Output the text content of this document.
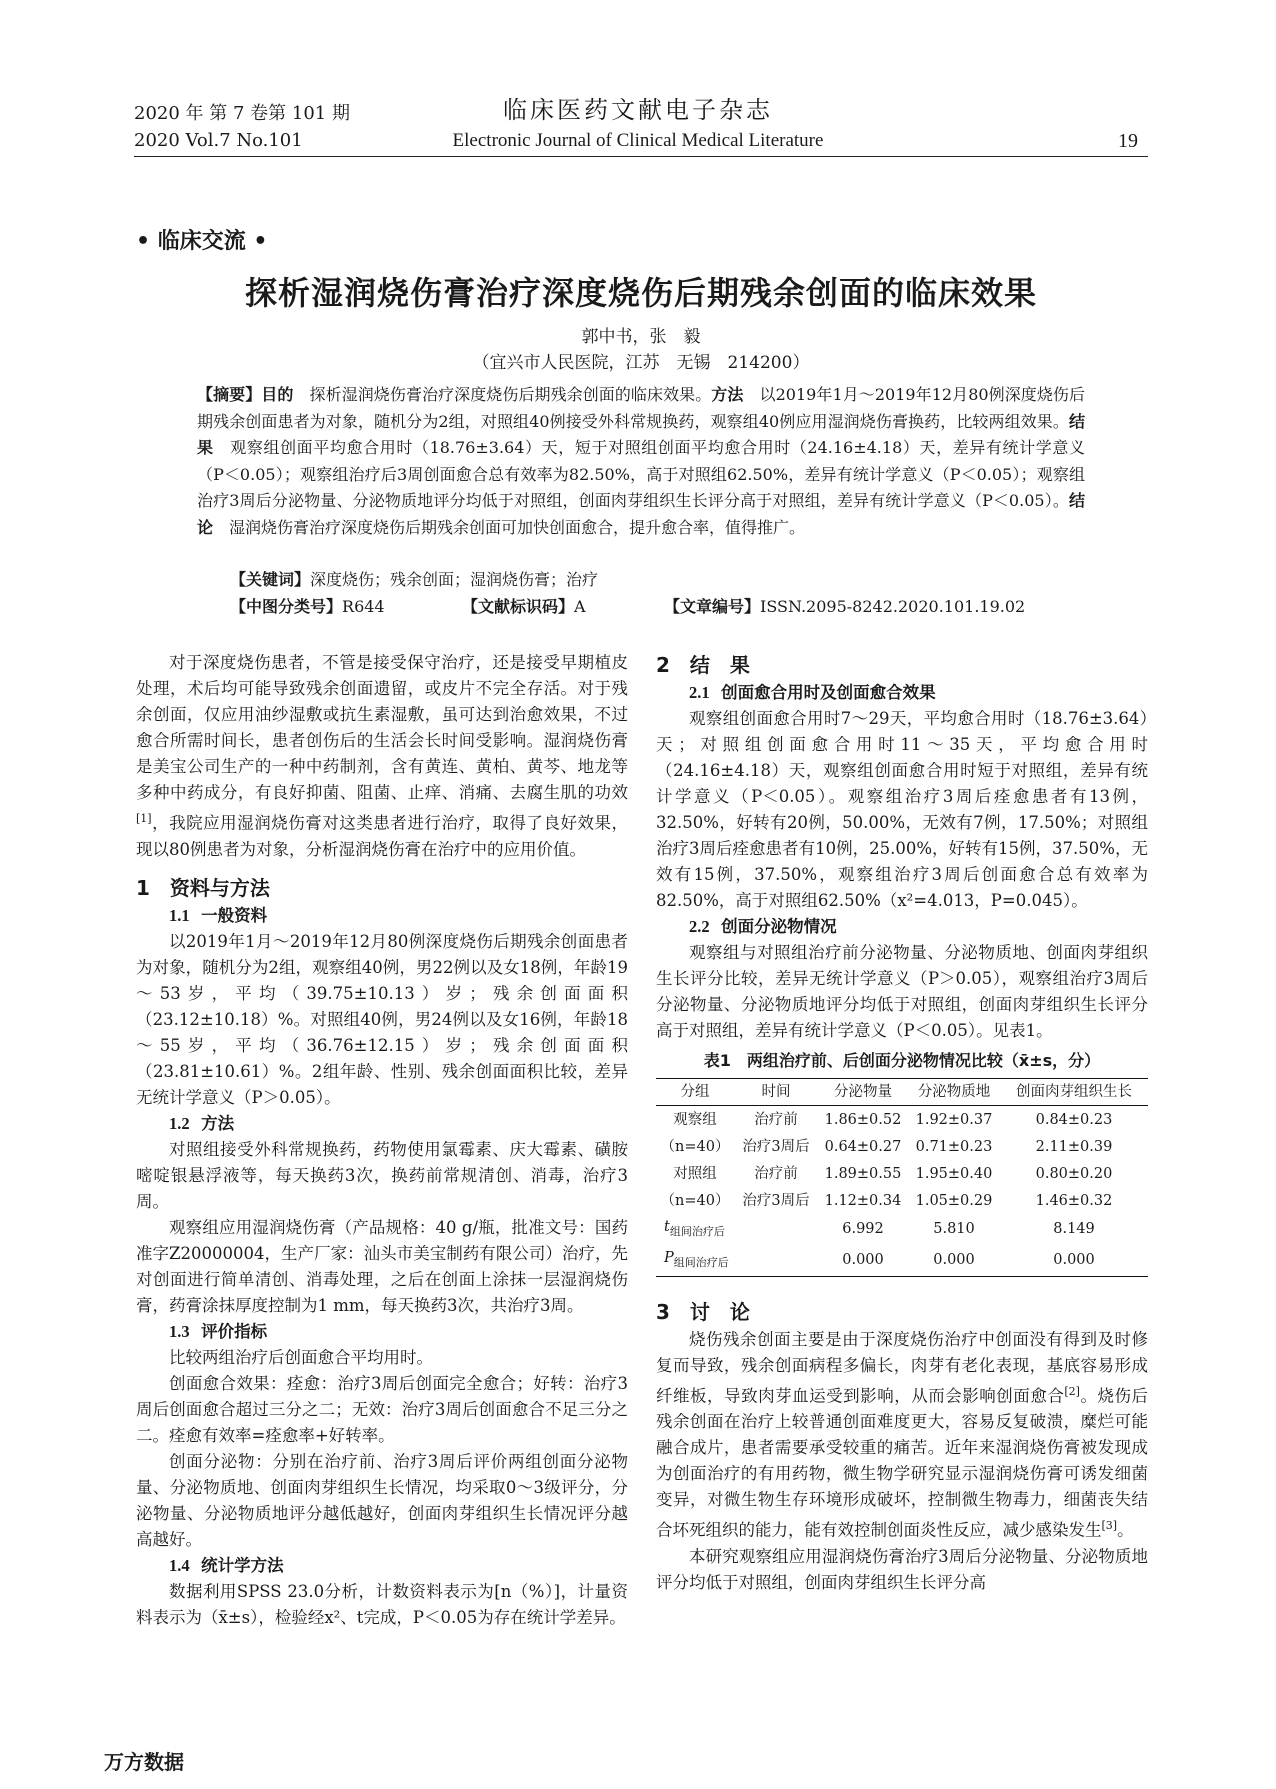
2020 年 第 7 卷第 101 期
2020 Vol.7 No.101
临床医药文献电子杂志
Electronic Journal of Clinical Medical Literature	19
• 临床交流 •
探析湿润烧伤膏治疗深度烧伤后期残余创面的临床效果
郭中书，张　毅
（宜兴市人民医院，江苏　无锡　214200）
【摘要】目的　探析湿润烧伤膏治疗深度烧伤后期残余创面的临床效果。方法　以2019年1月～2019年12月80例深度烧伤后期残余创面患者为对象，随机分为2组，对照组40例接受外科常规换药，观察组40例应用湿润烧伤膏换药，比较两组效果。结果　观察组创面平均愈合用时（18.76±3.64）天，短于对照组创面平均愈合用时（24.16±4.18）天，差异有统计学意义（P＜0.05）；观察组治疗后3周创面愈合总有效率为82.50%，高于对照组62.50%，差异有统计学意义（P＜0.05）；观察组治疗3周后分泌物量、分泌物质地评分均低于对照组，创面肉芽组织生长评分高于对照组，差异有统计学意义（P＜0.05）。结论　湿润烧伤膏治疗深度烧伤后期残余创面可加快创面愈合，提升愈合率，值得推广。
【关键词】深度烧伤；残余创面；湿润烧伤膏；治疗
【中图分类号】R644	【文献标识码】A	【文章编号】ISSN.2095-8242.2020.101.19.02

对于深度烧伤患者，不管是接受保守治疗，还是接受早期植皮处理，术后均可能导致残余创面遗留，或皮片不完全存活。对于残余创面，仅应用油纱湿敷或抗生素湿敷，虽可达到治愈效果，不过愈合所需时间长，患者创伤后的生活会长时间受影响。湿润烧伤膏是美宝公司生产的一种中药制剂，含有黄连、黄柏、黄芩、地龙等多种中药成分，有良好抑菌、阻菌、止痒、消痛、去腐生肌的功效[1]，我院应用湿润烧伤膏对这类患者进行治疗，取得了良好效果，现以80例患者为对象，分析湿润烧伤膏在治疗中的应用价值。

1　资料与方法
1.1 一般资料

以2019年1月～2019年12月80例深度烧伤后期残余创面患者为对象，随机分为2组，观察组40例，男22例以及女18例，年龄19～53岁，平均（39.75±10.13）岁；残余创面面积（23.12±10.18）%。对照组40例，男24例以及女16例，年龄18～55岁，平均（36.76±12.15）岁；残余创面面积（23.81±10.61）%。2组年龄、性别、残余创面面积比较，差异无统计学意义（P＞0.05）。

1.2 方法

对照组接受外科常规换药，药物使用氯霉素、庆大霉素、磺胺嘧啶银悬浮液等，每天换药3次，换药前常规清创、消毒，治疗3周。

观察组应用湿润烧伤膏（产品规格：40 g/瓶，批准文号：国药准字Z20000004，生产厂家：汕头市美宝制药有限公司）治疗，先对创面进行简单清创、消毒处理，之后在创面上涂抹一层湿润烧伤膏，药膏涂抹厚度控制为1 mm，每天换药3次，共治疗3周。

1.3 评价指标

比较两组治疗后创面愈合平均用时。

创面愈合效果：痊愈：治疗3周后创面完全愈合；好转：治疗3周后创面愈合超过三分之二；无效：治疗3周后创面愈合不足三分之二。痊愈有效率=痊愈率+好转率。

创面分泌物：分别在治疗前、治疗3周后评价两组创面分泌物量、分泌物质地、创面肉芽组织生长情况，均采取0～3级评分，分泌物量、分泌物质地评分越低越好，创面肉芽组织生长情况评分越高越好。

1.4 统计学方法

数据利用SPSS 23.0分析，计数资料表示为[n（%）]，计量资料表示为（x̄±s），检验经x²、t完成，P＜0.05为存在统计学差异。

2　结　果
2.1 创面愈合用时及创面愈合效果

观察组创面愈合用时7～29天，平均愈合用时（18.76±3.64）天；对照组创面愈合用时11～35天，平均愈合用时（24.16±4.18）天，观察组创面愈合用时短于对照组，差异有统计学意义（P＜0.05）。观察组治疗3周后痊愈患者有13例，32.50%，好转有20例，50.00%，无效有7例，17.50%；对照组治疗3周后痊愈患者有10例，25.00%，好转有15例，37.50%，无效有15例，37.50%，观察组治疗3周后创面愈合总有效率为82.50%，高于对照组62.50%（x²=4.013，P=0.045）。

2.2 创面分泌物情况

观察组与对照组治疗前分泌物量、分泌物质地、创面肉芽组织生长评分比较，差异无统计学意义（P＞0.05），观察组治疗3周后分泌物量、分泌物质地评分均低于对照组，创面肉芽组织生长评分高于对照组，差异有统计学意义（P＜0.05）。见表1。

表1　两组治疗前、后创面分泌物情况比较（x̄±s，分）
分组	时间	分泌物量	分泌物质地	创面肉芽组织生长
观察组	治疗前	1.86±0.52	1.92±0.37	0.84±0.23
（n=40）	治疗3周后	0.64±0.27	0.71±0.23	2.11±0.39
对照组	治疗前	1.89±0.55	1.95±0.40	0.80±0.20
（n=40）	治疗3周后	1.12±0.34	1.05±0.29	1.46±0.32
$t_{组间治疗后}$		6.992	5.810	8.149
$P_{组间治疗后}$		0.000	0.000	0.000
3　讨　论

烧伤残余创面主要是由于深度烧伤治疗中创面没有得到及时修复而导致，残余创面病程多偏长，肉芽有老化表现，基底容易形成纤维板，导致肉芽血运受到影响，从而会影响创面愈合[2]。烧伤后残余创面在治疗上较普通创面难度更大，容易反复破溃，糜烂可能融合成片，患者需要承受较重的痛苦。近年来湿润烧伤膏被发现成为创面治疗的有用药物，微生物学研究显示湿润烧伤膏可诱发细菌变异，对微生物生存环境形成破坏，控制微生物毒力，细菌丧失结合坏死组织的能力，能有效控制创面炎性反应，减少感染发生[3]。

本研究观察组应用湿润烧伤膏治疗3周后分泌物量、分泌物质地评分均低于对照组，创面肉芽组织生长评分高

万方数据
